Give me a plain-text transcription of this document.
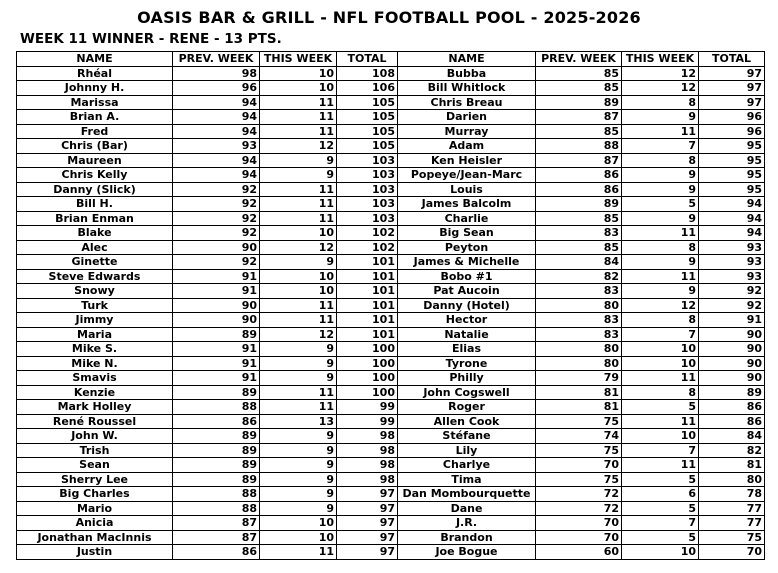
OASIS BAR & GRILL - NFL FOOTBALL POOL - 2025-2026
WEEK 11 WINNER - RENE - 13 PTS.
NAME	PREV. WEEK	THIS WEEK	TOTAL	NAME	PREV. WEEK	THIS WEEK	TOTAL
Rhéal	98	10	108	Bubba	85	12	97
Johnny H.	96	10	106	Bill Whitlock	85	12	97
Marissa	94	11	105	Chris Breau	89	8	97
Brian A.	94	11	105	Darien	87	9	96
Fred	94	11	105	Murray	85	11	96
Chris (Bar)	93	12	105	Adam	88	7	95
Maureen	94	9	103	Ken Heisler	87	8	95
Chris Kelly	94	9	103	Popeye/Jean-Marc	86	9	95
Danny (Slick)	92	11	103	Louis	86	9	95
Bill H.	92	11	103	James Balcolm	89	5	94
Brian Enman	92	11	103	Charlie	85	9	94
Blake	92	10	102	Big Sean	83	11	94
Alec	90	12	102	Peyton	85	8	93
Ginette	92	9	101	James & Michelle	84	9	93
Steve Edwards	91	10	101	Bobo #1	82	11	93
Snowy	91	10	101	Pat Aucoin	83	9	92
Turk	90	11	101	Danny (Hotel)	80	12	92
Jimmy	90	11	101	Hector	83	8	91
Maria	89	12	101	Natalie	83	7	90
Mike S.	91	9	100	Elias	80	10	90
Mike N.	91	9	100	Tyrone	80	10	90
Smavis	91	9	100	Philly	79	11	90
Kenzie	89	11	100	John Cogswell	81	8	89
Mark Holley	88	11	99	Roger	81	5	86
René Roussel	86	13	99	Allen Cook	75	11	86
John W.	89	9	98	Stéfane	74	10	84
Trish	89	9	98	Lily	75	7	82
Sean	89	9	98	Charlye	70	11	81
Sherry Lee	89	9	98	Tima	75	5	80
Big Charles	88	9	97	Dan Mombourquette	72	6	78
Mario	88	9	97	Dane	72	5	77
Anicia	87	10	97	J.R.	70	7	77
Jonathan MacInnis	87	10	97	Brandon	70	5	75
Justin	86	11	97	Joe Bogue	60	10	70
